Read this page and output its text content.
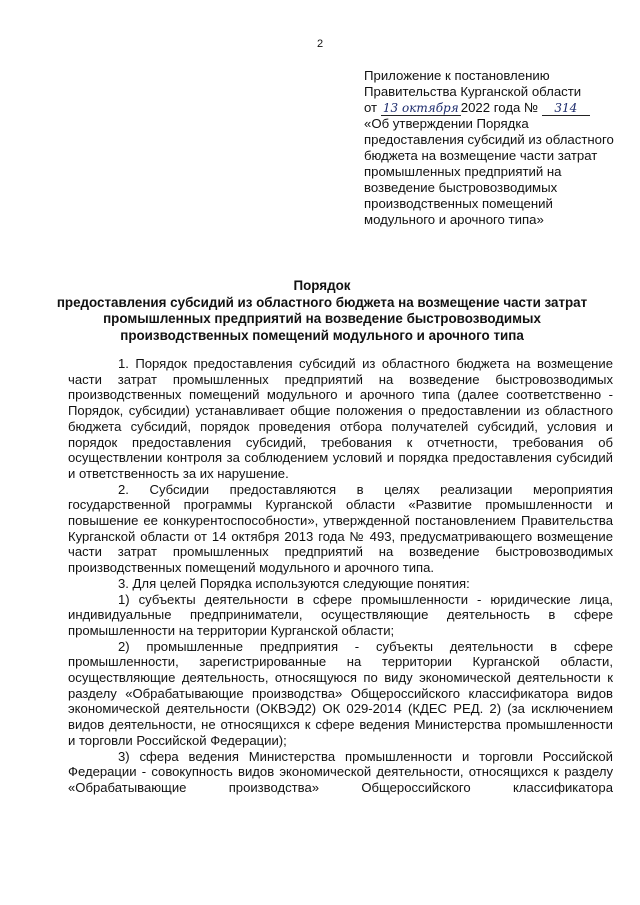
2
Приложение к постановлению
Правительства Курганской области
от 13 октября 2022 года № 314
«Об утверждении Порядка предоставления субсидий из областного бюджета на возмещение части затрат промышленных предприятий на возведение быстровозводимых производственных помещений модульного и арочного типа»
Порядок
предоставления субсидий из областного бюджета на возмещение части затрат промышленных предприятий на возведение быстровозводимых производственных помещений модульного и арочного типа

1. Порядок предоставления субсидий из областного бюджета на возмещение части затрат промышленных предприятий на возведение быстровозводимых производственных помещений модульного и арочного типа (далее соответственно - Порядок, субсидии) устанавливает общие положения о предоставлении из областного бюджета субсидий, порядок проведения отбора получателей субсидий, условия и порядок предоставления субсидий, требования к отчетности, требования об осуществлении контроля за соблюдением условий и порядка предоставления субсидий и ответственность за их нарушение.

2. Субсидии предоставляются в целях реализации мероприятия государственной программы Курганской области «Развитие промышленности и повышение ее конкурентоспособности», утвержденной постановлением Правительства Курганской области от 14 октября 2013 года № 493, предусматривающего возмещение части затрат промышленных предприятий на возведение быстровозводимых производственных помещений модульного и арочного типа.

3. Для целей Порядка используются следующие понятия:

1) субъекты деятельности в сфере промышленности - юридические лица, индивидуальные предприниматели, осуществляющие деятельность в сфере промышленности на территории Курганской области;

2) промышленные предприятия - субъекты деятельности в сфере промышленности, зарегистрированные на территории Курганской области, осуществляющие деятельность, относящуюся по виду экономической деятельности к разделу «Обрабатывающие производства» Общероссийского классификатора видов экономической деятельности (ОКВЭД2) ОК 029-2014 (КДЕС РЕД. 2) (за исключением видов деятельности, не относящихся к сфере ведения Министерства промышленности и торговли Российской Федерации);

3) сфера ведения Министерства промышленности и торговли Российской Федерации - совокупность видов экономической деятельности, относящихся к разделу «Обрабатывающие производства» Общероссийского классификатора
